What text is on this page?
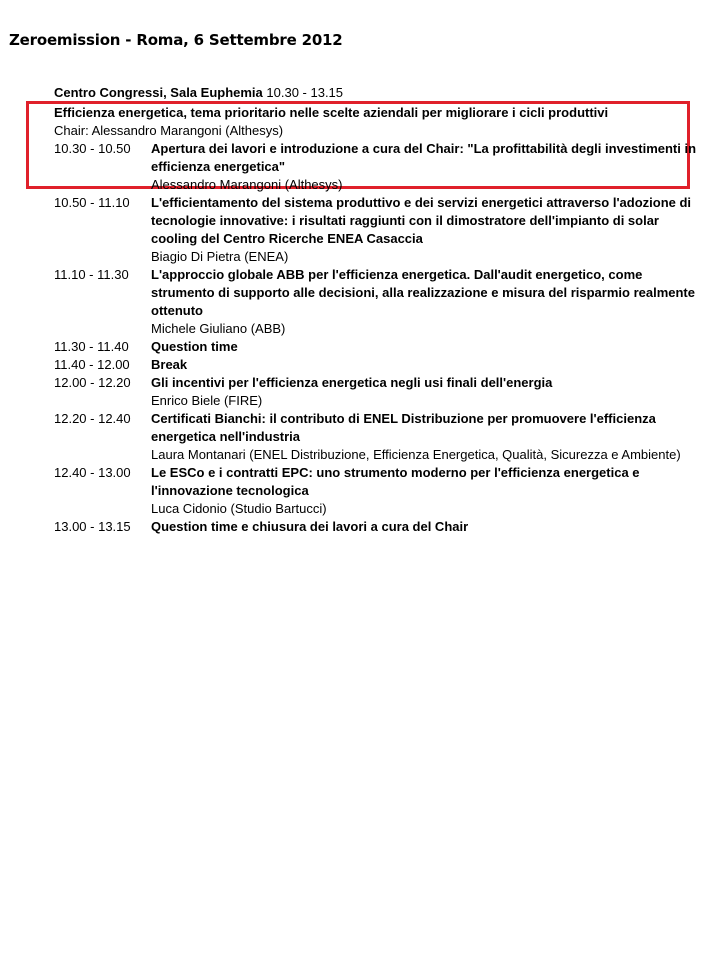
Zeroemission - Roma, 6 Settembre 2012
Centro Congressi, Sala Euphemia 10.30 - 13.15
Efficienza energetica, tema prioritario nelle scelte aziendali per migliorare i cicli produttivi
Chair: Alessandro Marangoni (Althesys)
10.30 - 10.50	Apertura dei lavori e introduzione a cura del Chair: "La profittabilità degli investimenti in efficienza energetica"
Alessandro Marangoni (Althesys)
10.50 - 11.10	L'efficientamento del sistema produttivo e dei servizi energetici attraverso l'adozione di tecnologie innovative: i risultati raggiunti con il dimostratore dell'impianto di solar cooling del Centro Ricerche ENEA Casaccia
Biagio Di Pietra (ENEA)
11.10 - 11.30	L'approccio globale ABB per l'efficienza energetica. Dall'audit energetico, come strumento di supporto alle decisioni, alla realizzazione e misura del risparmio realmente ottenuto
Michele Giuliano (ABB)
11.30 - 11.40	Question time
11.40 - 12.00	Break
12.00 - 12.20	Gli incentivi per l'efficienza energetica negli usi finali dell'energia
Enrico Biele (FIRE)
12.20 - 12.40	Certificati Bianchi: il contributo di ENEL Distribuzione per promuovere l'efficienza energetica nell'industria
Laura Montanari (ENEL Distribuzione, Efficienza Energetica, Qualità, Sicurezza e Ambiente)
12.40 - 13.00	Le ESCo e i contratti EPC: uno strumento moderno per l'efficienza energetica e l'innovazione tecnologica
Luca Cidonio (Studio Bartucci)
13.00 - 13.15	Question time e chiusura dei lavori a cura del Chair
